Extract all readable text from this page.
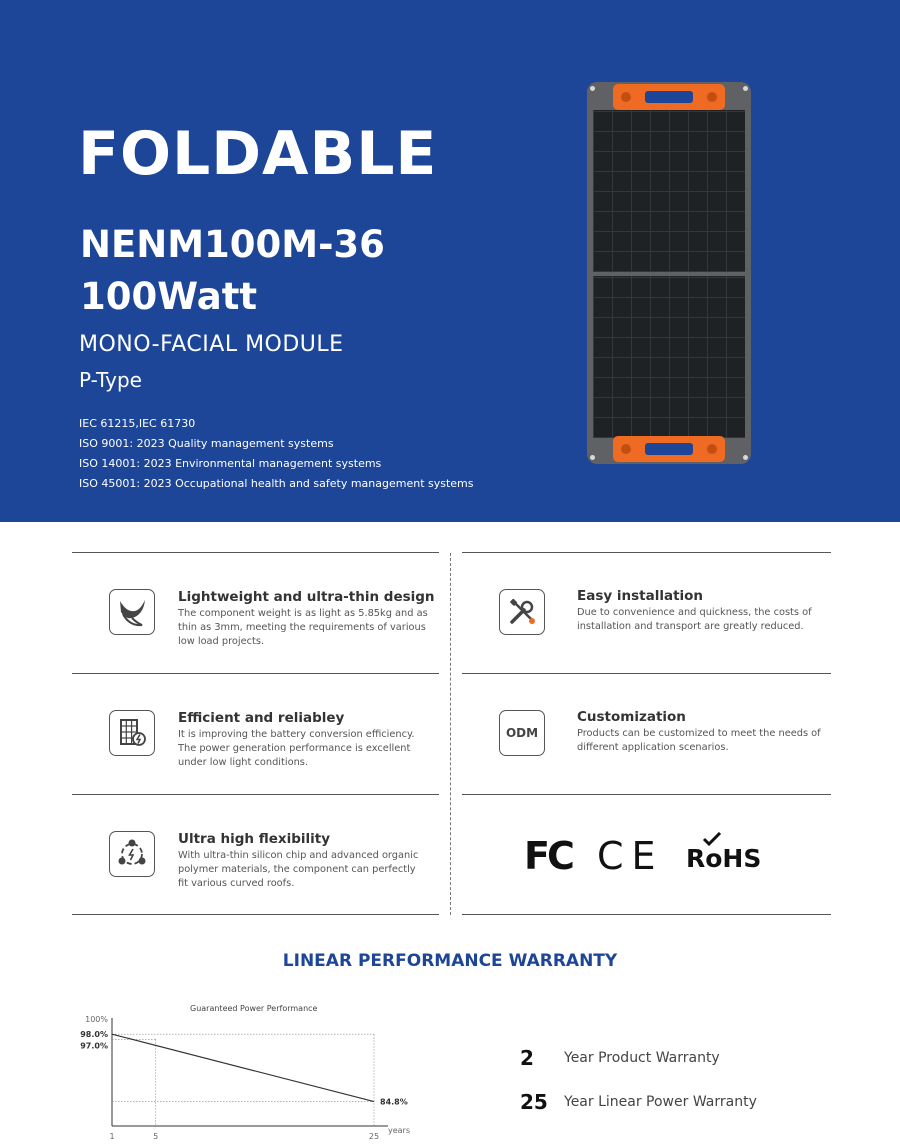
FOLDABLE
NENM100M-36
100Watt
MONO-FACIAL MODULE
P-Type
IEC 61215,IEC 61730
ISO 9001: 2023 Quality management systems
ISO 14001: 2023 Environmental management systems
ISO 45001: 2023 Occupational health and safety management systems
Lightweight and ultra-thin design
The component weight is as light as 5.85kg and as thin as 3mm, meeting the requirements of various low load projects.
Easy installation
Due to convenience and quickness, the costs of installation and transport are greatly reduced.
Efficient and reliabley
It is improving the battery conversion efficiency. The power generation performance is excellent under low light conditions.
ODM
Customization
Products can be customized to meet the needs of different application scenarios.
Ultra high flexibility
With ultra-thin silicon chip and advanced organic polymer materials, the component can perfectly fit various curved roofs.
FC CE RoHS
LINEAR PERFORMANCE WARRANTY
Guaranteed Power Performance
84.8%
100%
98.0%
97.0%
1	5	25
years
2 Year Product Warranty
25 Year Linear Power Warranty
